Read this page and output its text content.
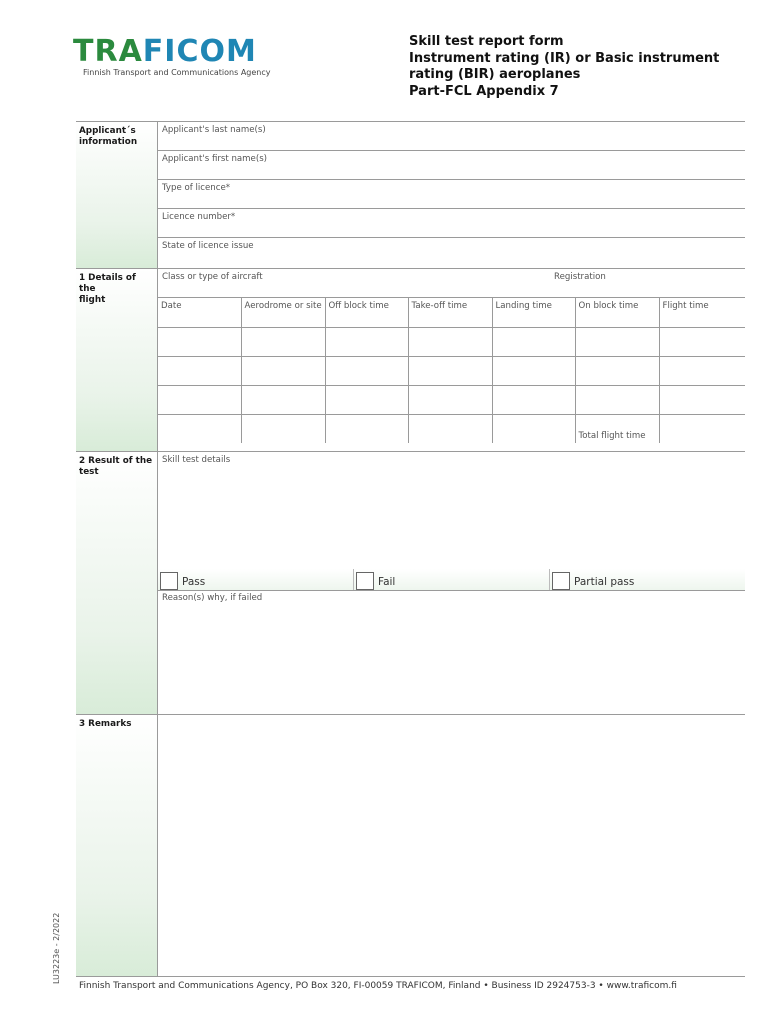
TRAFICOM
Finnish Transport and Communications Agency
Skill test report form
Instrument rating (IR) or Basic instrument
rating (BIR) aeroplanes
Part-FCL Appendix 7
Applicant´s
information
Applicant's last name(s)
Applicant's first name(s)
Type of licence*
Licence number*
State of licence issue
1 Details of the
flight
Class or type of aircraft	Registration
Date	Aerodrome or site	Off block time	Take-off time	Landing time	On block time	Flight time

					Total flight time	
2 Result of the
test
Skill test details
Pass	Fail	Partial pass
Reason(s) why, if failed
3 Remarks
LU3223e - 2/2022
Finnish Transport and Communications Agency, PO Box 320, FI-00059 TRAFICOM, Finland • Business ID 2924753-3 • www.traficom.fi
